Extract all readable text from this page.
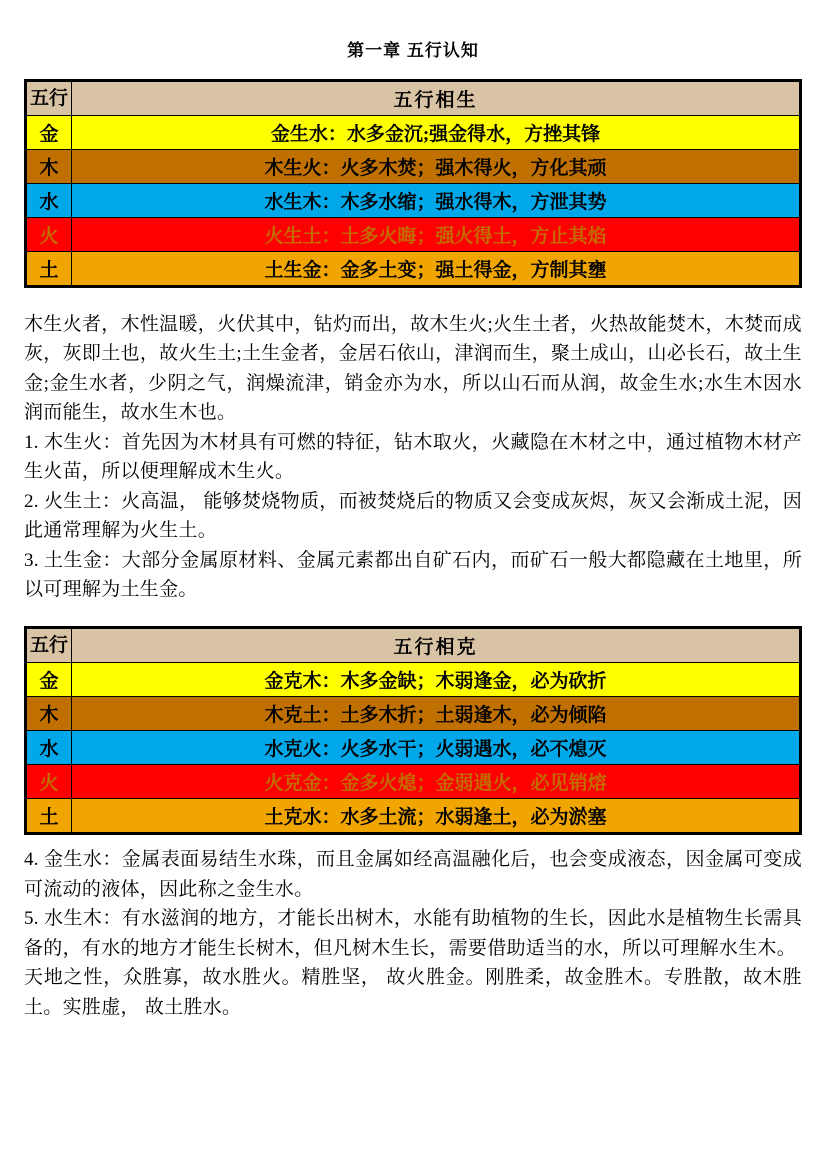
第一章 五行认知
五行	五行相生
金	金生水：水多金沉;强金得水，方挫其锋
木	木生火：火多木焚；强木得火，方化其顽
水	水生木：木多水缩；强水得木，方泄其势
火	火生土：土多火晦；强火得土，方止其焰
土	土生金：金多土变；强土得金，方制其壅

木生火者，木性温暖，火伏其中，钻灼而出，故木生火;火生土者，火热故能焚木，木焚而成灰，灰即土也，故火生土;土生金者，金居石依山，津润而生，聚土成山，山必长石，故土生金;金生水者，少阴之气，润燥流津，销金亦为水，所以山石而从润，故金生水;水生木因水润而能生，故水生木也。

1. 木生火：首先因为木材具有可燃的特征，钻木取火，火藏隐在木材之中，通过植物木材产生火苗，所以便理解成木生火。

2. 火生土：火高温， 能够焚烧物质，而被焚烧后的物质又会变成灰烬，灰又会渐成土泥，因此通常理解为火生土。

3. 土生金：大部分金属原材料、金属元素都出自矿石内，而矿石一般大都隐藏在土地里，所以可理解为土生金。

五行	五行相克
金	金克木：木多金缺；木弱逢金，必为砍折
木	木克土：土多木折；土弱逢木，必为倾陷
水	水克火：火多水干；火弱遇水，必不熄灭
火	火克金：金多火熄；金弱遇火，必见销熔
土	土克水：水多土流；水弱逢土，必为淤塞

4. 金生水：金属表面易结生水珠，而且金属如经高温融化后，也会变成液态，因金属可变成可流动的液体，因此称之金生水。

5. 水生木：有水滋润的地方，才能长出树木，水能有助植物的生长，因此水是植物生长需具备的，有水的地方才能生长树木，但凡树木生长，需要借助适当的水，所以可理解水生木。

天地之性，众胜寡，故水胜火。精胜坚， 故火胜金。刚胜柔，故金胜木。专胜散，故木胜土。实胜虚， 故土胜水。
